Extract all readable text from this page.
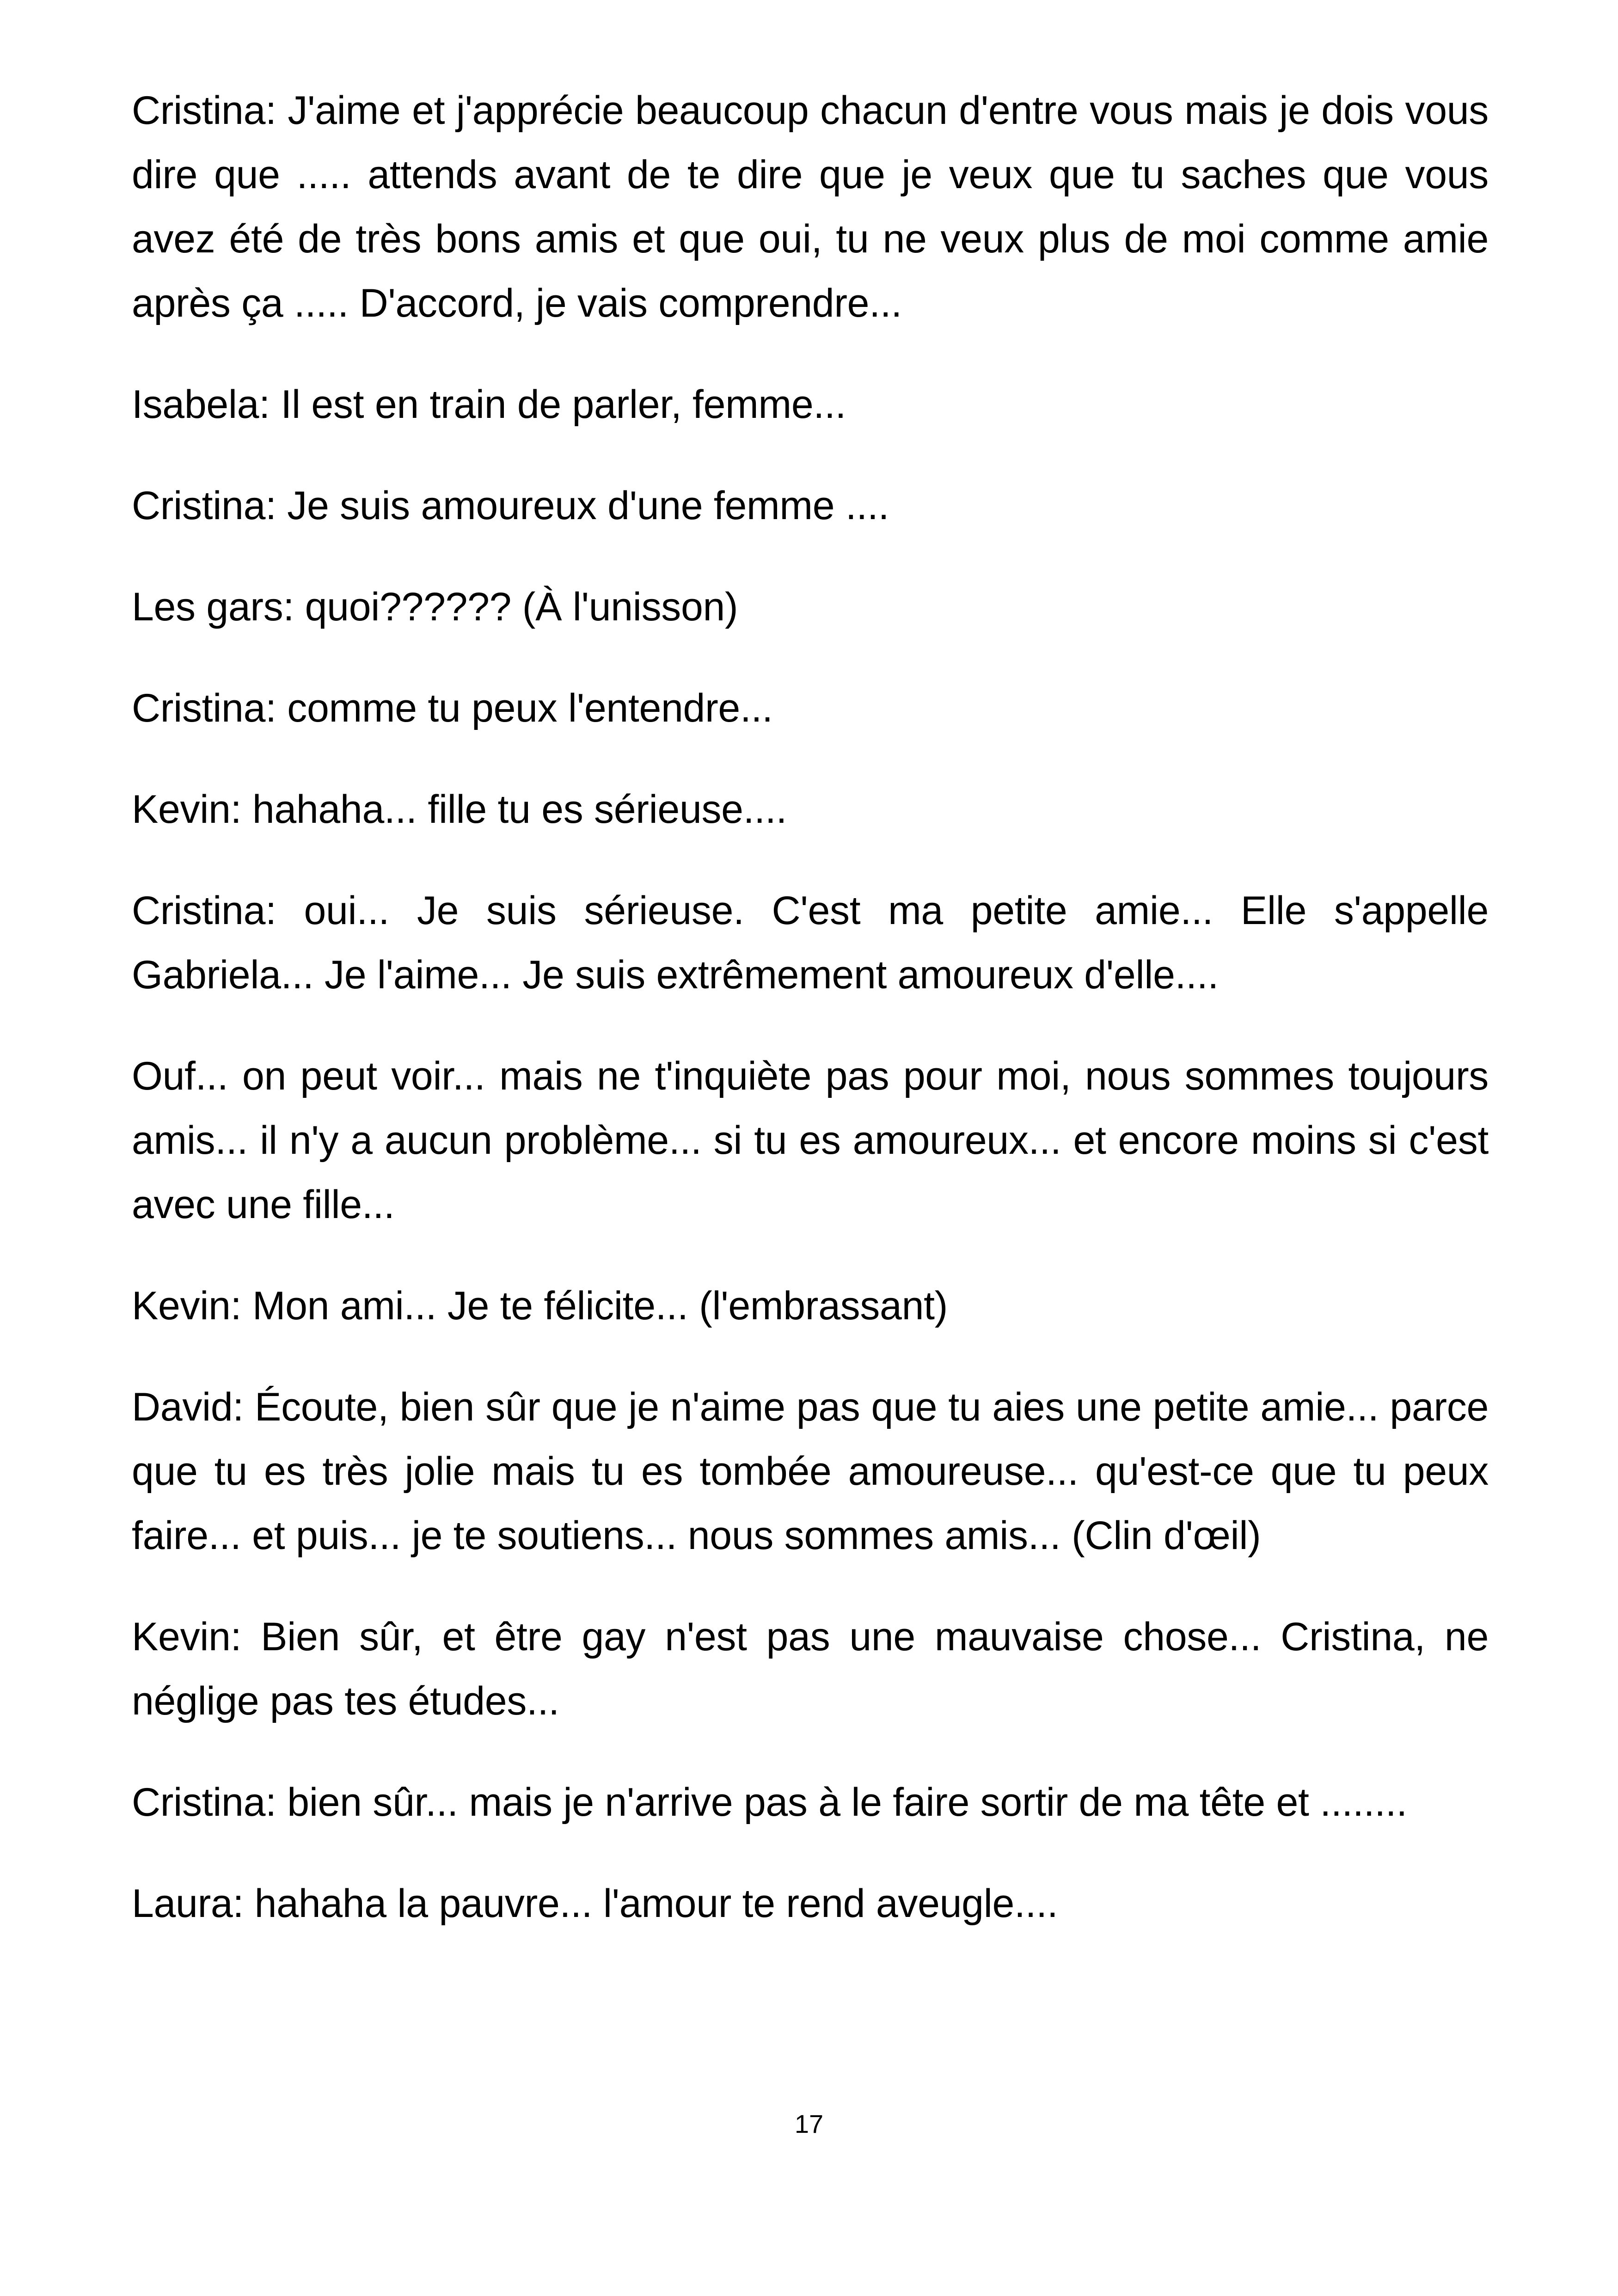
Cristina: J'aime et j'apprécie beaucoup chacun d'entre vous mais je dois vous dire que ..... attends avant de te dire que je veux que tu saches que vous avez été de très bons amis et que oui, tu ne veux plus de moi comme amie après ça ..... D'accord, je vais comprendre...

Isabela: Il est en train de parler, femme...

Cristina: Je suis amoureux d'une femme ....

Les gars: quoi?????? (À l'unisson)

Cristina: comme tu peux l'entendre...

Kevin: hahaha... fille tu es sérieuse....

Cristina: oui... Je suis sérieuse. C'est ma petite amie... Elle s'appelle Gabriela... Je l'aime... Je suis extrêmement amoureux d'elle....

Ouf... on peut voir... mais ne t'inquiète pas pour moi, nous sommes toujours amis... il n'y a aucun problème... si tu es amoureux... et encore moins si c'est avec une fille...

Kevin: Mon ami... Je te félicite... (l'embrassant)

David: Écoute, bien sûr que je n'aime pas que tu aies une petite amie... parce que tu es très jolie mais tu es tombée amoureuse... qu'est-ce que tu peux faire... et puis... je te soutiens... nous sommes amis... (Clin d'œil)

Kevin: Bien sûr, et être gay n'est pas une mauvaise chose... Cristina, ne néglige pas tes études...

Cristina: bien sûr... mais je n'arrive pas à le faire sortir de ma tête et ........

Laura: hahaha la pauvre... l'amour te rend aveugle....

17
